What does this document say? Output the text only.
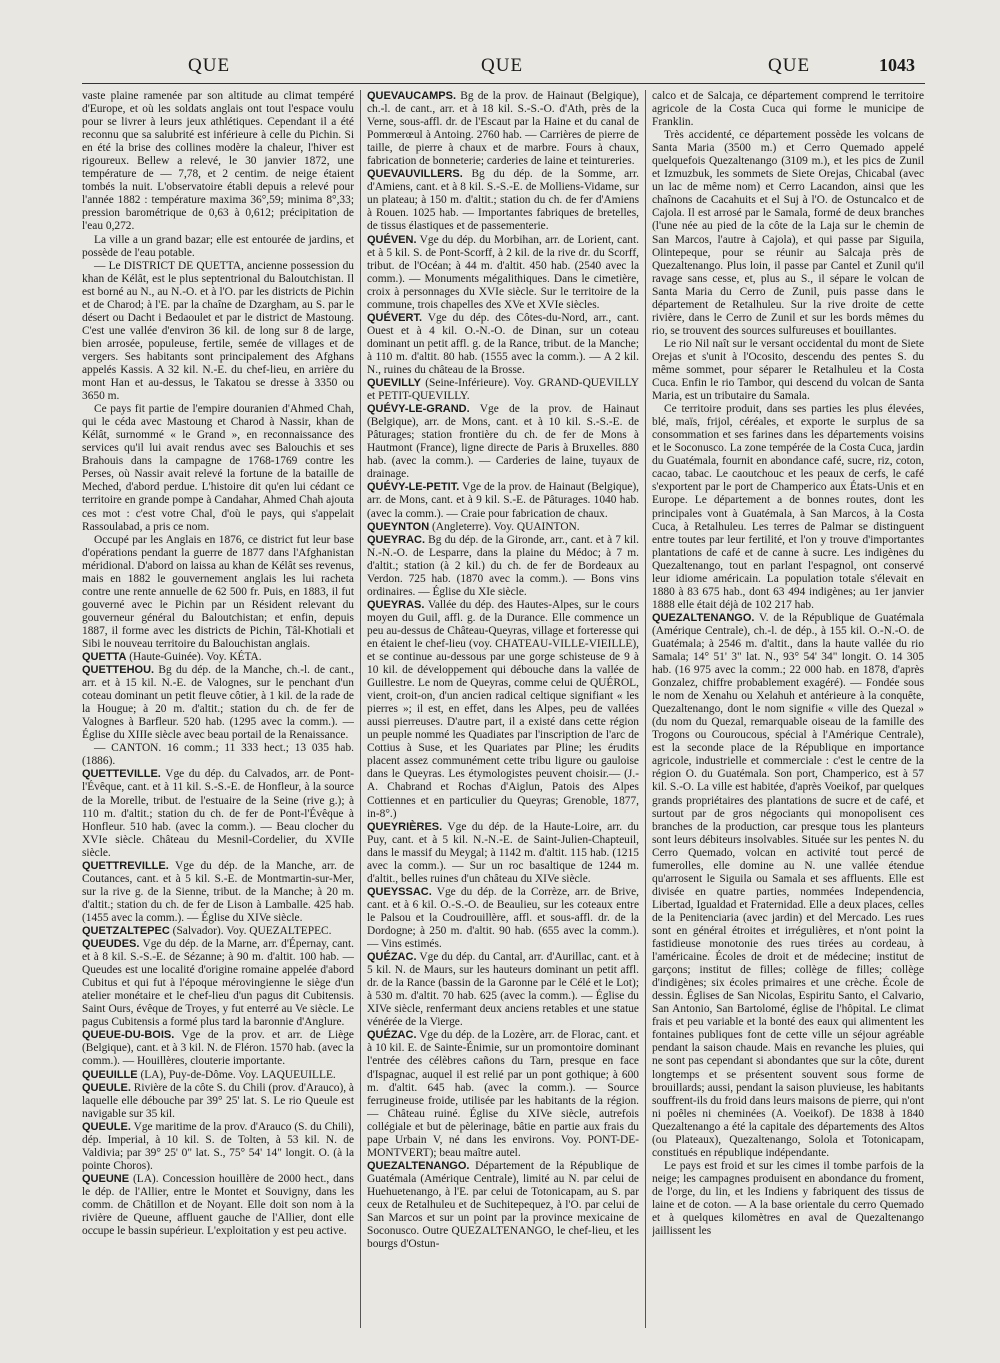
QUE	QUE	QUE	1043

vaste plaine ramenée par son altitude au climat tempéré d'Europe, et où les soldats anglais ont tout l'espace voulu pour se livrer à leurs jeux athlétiques. Cependant il a été reconnu que sa salubrité est inférieure à celle du Pichin. Si en été la brise des collines modère la chaleur, l'hiver est rigoureux. Bellew a relevé, le 30 janvier 1872, une température de — 7,78, et 2 centim. de neige étaient tombés la nuit. L'observatoire établi depuis a relevé pour l'année 1882 : température maxima 36°,59; minima 8°,33; pression barométrique de 0,63 à 0,612; précipitation de l'eau 0,272.

La ville a un grand bazar; elle est entourée de jardins, et possède de l'eau potable.

— Le DISTRICT DE QUETTA, ancienne possession du khan de Kélât, est le plus septentrional du Baloutchistan. Il est borné au N., au N.-O. et à l'O. par les districts de Pichin et de Charod; à l'E. par la chaîne de Dzargham, au S. par le désert ou Dacht i Bedaoulet et par le district de Mastoung. C'est une vallée d'environ 36 kil. de long sur 8 de large, bien arrosée, populeuse, fertile, semée de villages et de vergers. Ses habitants sont principalement des Afghans appelés Kassis. A 32 kil. N.-E. du chef-lieu, en arrière du mont Han et au-dessus, le Takatou se dresse à 3350 ou 3650 m.

Ce pays fit partie de l'empire douranien d'Ahmed Chah, qui le céda avec Mastoung et Charod à Nassir, khan de Kélât, surnommé « le Grand », en reconnaissance des services qu'il lui avait rendus avec ses Balouchis et ses Brahouis dans la campagne de 1768-1769 contre les Perses, où Nassir avait relevé la fortune de la bataille de Meched, d'abord perdue. L'histoire dit qu'en lui cédant ce territoire en grande pompe à Candahar, Ahmed Chah ajouta ces mot : c'est votre Chal, d'où le pays, qui s'appelait Rassoulabad, a pris ce nom.

Occupé par les Anglais en 1876, ce district fut leur base d'opérations pendant la guerre de 1877 dans l'Afghanistan méridional. D'abord on laissa au khan de Kélât ses revenus, mais en 1882 le gouvernement anglais les lui racheta contre une rente annuelle de 62 500 fr. Puis, en 1883, il fut gouverné avec le Pichin par un Résident relevant du gouverneur général du Baloutchistan; et enfin, depuis 1887, il forme avec les districts de Pichin, Tâl-Khotiali et Sibi le nouveau territoire du Balouchistan anglais.

QUETTA (Haute-Guinée). Voy. KÉTA.

QUETTEHOU. Bg du dép. de la Manche, ch.-l. de cant., arr. et à 15 kil. N.-E. de Valognes, sur le penchant d'un coteau dominant un petit fleuve côtier, à 1 kil. de la rade de la Hougue; à 20 m. d'altit.; station du ch. de fer de Valognes à Barfleur. 520 hab. (1295 avec la comm.). — Église du XIIIe siècle avec beau portail de la Renaissance.

— CANTON. 16 comm.; 11 333 hect.; 13 035 hab. (1886).

QUETTEVILLE. Vge du dép. du Calvados, arr. de Pont-l'Évêque, cant. et à 11 kil. S.-S.-E. de Honfleur, à la source de la Morelle, tribut. de l'estuaire de la Seine (rive g.); à 110 m. d'altit.; station du ch. de fer de Pont-l'Évêque à Honfleur. 510 hab. (avec la comm.). — Beau clocher du XVIe siècle. Château du Mesnil-Cordelier, du XVIIe siècle.

QUETTREVILLE. Vge du dép. de la Manche, arr. de Coutances, cant. et à 5 kil. S.-E. de Montmartin-sur-Mer, sur la rive g. de la Sienne, tribut. de la Manche; à 20 m. d'altit.; station du ch. de fer de Lison à Lamballe. 425 hab. (1455 avec la comm.). — Église du XIVe siècle.

QUETZALTEPEC (Salvador). Voy. QUEZALTEPEC.

QUEUDES. Vge du dép. de la Marne, arr. d'Épernay, cant. et à 8 kil. S.-S.-E. de Sézanne; à 90 m. d'altit. 100 hab. — Queudes est une localité d'origine romaine appelée d'abord Cubitus et qui fut à l'époque mérovingienne le siège d'un atelier monétaire et le chef-lieu d'un pagus dit Cubitensis. Saint Ours, évêque de Troyes, y fut enterré au Ve siècle. Le pagus Cubitensis a formé plus tard la baronnie d'Anglure.

QUEUE-DU-BOIS. Vge de la prov. et arr. de Liège (Belgique), cant. et à 3 kil. N. de Fléron. 1570 hab. (avec la comm.). — Houillères, clouterie importante.

QUEUILLE (LA), Puy-de-Dôme. Voy. LAQUEUILLE.

QUEULE. Rivière de la côte S. du Chili (prov. d'Arauco), à laquelle elle débouche par 39° 25' lat. S. Le rio Queule est navigable sur 35 kil.

QUEULE. Vge maritime de la prov. d'Arauco (S. du Chili), dép. Imperial, à 10 kil. S. de Tolten, à 53 kil. N. de Valdivia; par 39° 25' 0" lat. S., 75° 54' 14" longit. O. (à la pointe Choros).

QUEUNE (LA). Concession houillère de 2000 hect., dans le dép. de l'Allier, entre le Montet et Souvigny, dans les comm. de Châtillon et de Noyant. Elle doit son nom à la rivière de Queune, affluent gauche de l'Allier, dont elle occupe le bassin supérieur. L'exploitation y est peu active.

QUEVAUCAMPS. Bg de la prov. de Hainaut (Belgique), ch.-l. de cant., arr. et à 18 kil. S.-S.-O. d'Ath, près de la Verne, sous-affl. dr. de l'Escaut par la Haine et du canal de Pommerœul à Antoing. 2760 hab. — Carrières de pierre de taille, de pierre à chaux et de marbre. Fours à chaux, fabrication de bonneterie; carderies de laine et teintureries.

QUEVAUVILLERS. Bg du dép. de la Somme, arr. d'Amiens, cant. et à 8 kil. S.-S.-E. de Molliens-Vidame, sur un plateau; à 150 m. d'altit.; station du ch. de fer d'Amiens à Rouen. 1025 hab. — Importantes fabriques de bretelles, de tissus élastiques et de passementerie.

QUÉVEN. Vge du dép. du Morbihan, arr. de Lorient, cant. et à 5 kil. S. de Pont-Scorff, à 2 kil. de la rive dr. du Scorff, tribut. de l'Océan; à 44 m. d'altit. 450 hab. (2540 avec la comm.). — Monuments mégalithiques. Dans le cimetière, croix à personnages du XVIe siècle. Sur le territoire de la commune, trois chapelles des XVe et XVIe siècles.

QUÉVERT. Vge du dép. des Côtes-du-Nord, arr., cant. Ouest et à 4 kil. O.-N.-O. de Dinan, sur un coteau dominant un petit affl. g. de la Rance, tribut. de la Manche; à 110 m. d'altit. 80 hab. (1555 avec la comm.). — A 2 kil. N., ruines du château de la Brosse.

QUEVILLY (Seine-Inférieure). Voy. GRAND-QUEVILLY et PETIT-QUEVILLY.

QUÉVY-LE-GRAND. Vge de la prov. de Hainaut (Belgique), arr. de Mons, cant. et à 10 kil. S.-S.-E. de Pâturages; station frontière du ch. de fer de Mons à Hautmont (France), ligne directe de Paris à Bruxelles. 880 hab. (avec la comm.). — Carderies de laine, tuyaux de drainage.

QUÉVY-LE-PETIT. Vge de la prov. de Hainaut (Belgique), arr. de Mons, cant. et à 9 kil. S.-E. de Pâturages. 1040 hab. (avec la comm.). — Craie pour fabrication de chaux.

QUEYNTON (Angleterre). Voy. QUAINTON.

QUEYRAC. Bg du dép. de la Gironde, arr., cant. et à 7 kil. N.-N.-O. de Lesparre, dans la plaine du Médoc; à 7 m. d'altit.; station (à 2 kil.) du ch. de fer de Bordeaux au Verdon. 725 hab. (1870 avec la comm.). — Bons vins ordinaires. — Église du XIe siècle.

QUEYRAS. Vallée du dép. des Hautes-Alpes, sur le cours moyen du Guil, affl. g. de la Durance. Elle commence un peu au-dessus de Château-Queyras, village et forteresse qui en étaient le chef-lieu (voy. CHATEAU-VILLE-VIEILLE), et se continue au-dessous par une gorge schisteuse de 9 à 10 kil. de développement qui débouche dans la vallée de Guillestre. Le nom de Queyras, comme celui de QUÉROL, vient, croit-on, d'un ancien radical celtique signifiant « les pierres »; il est, en effet, dans les Alpes, peu de vallées aussi pierreuses. D'autre part, il a existé dans cette région un peuple nommé les Quadiates par l'inscription de l'arc de Cottius à Suse, et les Quariates par Pline; les érudits placent assez communément cette tribu ligure ou gauloise dans le Queyras. Les étymologistes peuvent choisir.— (J.-A. Chabrand et Rochas d'Aiglun, Patois des Alpes Cottiennes et en particulier du Queyras; Grenoble, 1877, in-8°.)

QUEYRIÈRES. Vge du dép. de la Haute-Loire, arr. du Puy, cant. et à 5 kil. N.-N.-E. de Saint-Julien-Chapteuil, dans le massif du Meygal; à 1142 m. d'altit. 115 hab. (1215 avec la comm.). — Sur un roc basaltique de 1244 m. d'altit., belles ruines d'un château du XIVe siècle.

QUEYSSAC. Vge du dép. de la Corrèze, arr. de Brive, cant. et à 6 kil. O.-S.-O. de Beaulieu, sur les coteaux entre le Palsou et la Coudrouillère, affl. et sous-affl. dr. de la Dordogne; à 250 m. d'altit. 90 hab. (655 avec la comm.). — Vins estimés.

QUÉZAC. Vge du dép. du Cantal, arr. d'Aurillac, cant. et à 5 kil. N. de Maurs, sur les hauteurs dominant un petit affl. dr. de la Rance (bassin de la Garonne par le Célé et le Lot); à 530 m. d'altit. 70 hab. 625 (avec la comm.). — Église du XIVe siècle, renfermant deux anciens retables et une statue vénérée de la Vierge.

QUÉZAC. Vge du dép. de la Lozère, arr. de Florac, cant. et à 10 kil. E. de Sainte-Énimie, sur un promontoire dominant l'entrée des célèbres cañons du Tarn, presque en face d'Ispagnac, auquel il est relié par un pont gothique; à 600 m. d'altit. 645 hab. (avec la comm.). — Source ferrugineuse froide, utilisée par les habitants de la région. — Château ruiné. Église du XIVe siècle, autrefois collégiale et but de pèlerinage, bâtie en partie aux frais du pape Urbain V, né dans les environs. Voy. PONT-DE-MONTVERT); beau maître autel.

QUEZALTENANGO. Département de la République de Guatémala (Amérique Centrale), limité au N. par celui de Huehuetenango, à l'E. par celui de Totonicapam, au S. par ceux de Retalhuleu et de Suchitepequez, à l'O. par celui de San Marcos et sur un point par la province mexicaine de Soconusco. Outre QUEZALTENANGO, le chef-lieu, et les bourgs d'Ostun-

calco et de Salcaja, ce département comprend le territoire agricole de la Costa Cuca qui forme le municipe de Franklin.

Très accidenté, ce département possède les volcans de Santa Maria (3500 m.) et Cerro Quemado appelé quelquefois Quezaltenango (3109 m.), et les pics de Zunil et Izmuzbuk, les sommets de Siete Orejas, Chicabal (avec un lac de même nom) et Cerro Lacandon, ainsi que les chaînons de Cacahuits et el Suj à l'O. de Ostuncalco et de Cajola. Il est arrosé par le Samala, formé de deux branches (l'une née au pied de la côte de la Laja sur le chemin de San Marcos, l'autre à Cajola), et qui passe par Siguila, Olintepeque, pour se réunir au Salcaja près de Quezaltenango. Plus loin, il passe par Cantel et Zunil qu'il ravage sans cesse, et, plus au S., il sépare le volcan de Santa Maria du Cerro de Zunil, puis passe dans le département de Retalhuleu. Sur la rive droite de cette rivière, dans le Cerro de Zunil et sur les bords mêmes du rio, se trouvent des sources sulfureuses et bouillantes.

Le rio Nil naît sur le versant occidental du mont de Siete Orejas et s'unit à l'Ocosito, descendu des pentes S. du même sommet, pour séparer le Retalhuleu et la Costa Cuca. Enfin le rio Tambor, qui descend du volcan de Santa Maria, est un tributaire du Samala.

Ce territoire produit, dans ses parties les plus élevées, blé, maïs, frijol, céréales, et exporte le surplus de sa consommation et ses farines dans les départements voisins et le Soconusco. La zone tempérée de la Costa Cuca, jardin du Guatémala, fournit en abondance café, sucre, riz, coton, cacao, tabac. Le caoutchouc et les peaux de cerfs, le café s'exportent par le port de Champerico aux États-Unis et en Europe. Le département a de bonnes routes, dont les principales vont à Guatémala, à San Marcos, à la Costa Cuca, à Retalhuleu. Les terres de Palmar se distinguent entre toutes par leur fertilité, et l'on y trouve d'importantes plantations de café et de canne à sucre. Les indigènes du Quezaltenango, tout en parlant l'espagnol, ont conservé leur idiome américain. La population totale s'élevait en 1880 à 83 675 hab., dont 63 494 indigènes; au 1er janvier 1888 elle était déjà de 102 217 hab.

QUEZALTENANGO. V. de la République de Guatémala (Amérique Centrale), ch.-l. de dép., à 155 kil. O.-N.-O. de Guatémala; à 2546 m. d'altit., dans la haute vallée du rio Samala; 14° 51' 3" lat. N., 93° 54' 34" longit. O. 14 305 hab. (16 975 avec la comm.; 22 000 hab. en 1878, d'après Gonzalez, chiffre probablement exagéré). — Fondée sous le nom de Xenahu ou Xelahuh et antérieure à la conquête, Quezaltenango, dont le nom signifie « ville des Quezal » (du nom du Quezal, remarquable oiseau de la famille des Trogons ou Couroucous, spécial à l'Amérique Centrale), est la seconde place de la République en importance agricole, industrielle et commerciale : c'est le centre de la région O. du Guatémala. Son port, Champerico, est à 57 kil. S.-O. La ville est habitée, d'après Voeikof, par quelques grands propriétaires des plantations de sucre et de café, et surtout par de gros négociants qui monopolisent ces branches de la production, car presque tous les planteurs sont leurs débiteurs insolvables. Située sur les pentes N. du Cerro Quemado, volcan en activité tout percé de fumerolles, elle domine au N. une vallée étendue qu'arrosent le Siguila ou Samala et ses affluents. Elle est divisée en quatre parties, nommées Independencia, Libertad, Igualdad et Fraternidad. Elle a deux places, celles de la Penitenciaria (avec jardin) et del Mercado. Les rues sont en général étroites et irrégulières, et n'ont point la fastidieuse monotonie des rues tirées au cordeau, à l'américaine. Écoles de droit et de médecine; institut de garçons; institut de filles; collège de filles; collège d'indigènes; six écoles primaires et une crèche. École de dessin. Églises de San Nicolas, Espiritu Santo, el Calvario, San Antonio, San Bartolomé, église de l'hôpital. Le climat frais et peu variable et la bonté des eaux qui alimentent les fontaines publiques font de cette ville un séjour agréable pendant la saison chaude. Mais en revanche les pluies, qui ne sont pas cependant si abondantes que sur la côte, durent longtemps et se présentent souvent sous forme de brouillards; aussi, pendant la saison pluvieuse, les habitants souffrent-ils du froid dans leurs maisons de pierre, qui n'ont ni poêles ni cheminées (A. Voeikof). De 1838 à 1840 Quezaltenango a été la capitale des départements des Altos (ou Plateaux), Quezaltenango, Solola et Totonicapam, constitués en république indépendante.

Le pays est froid et sur les cimes il tombe parfois de la neige; les campagnes produisent en abondance du froment, de l'orge, du lin, et les Indiens y fabriquent des tissus de laine et de coton. — A la base orientale du cerro Quemado et à quelques kilomètres en aval de Quezaltenango jaillissent les
